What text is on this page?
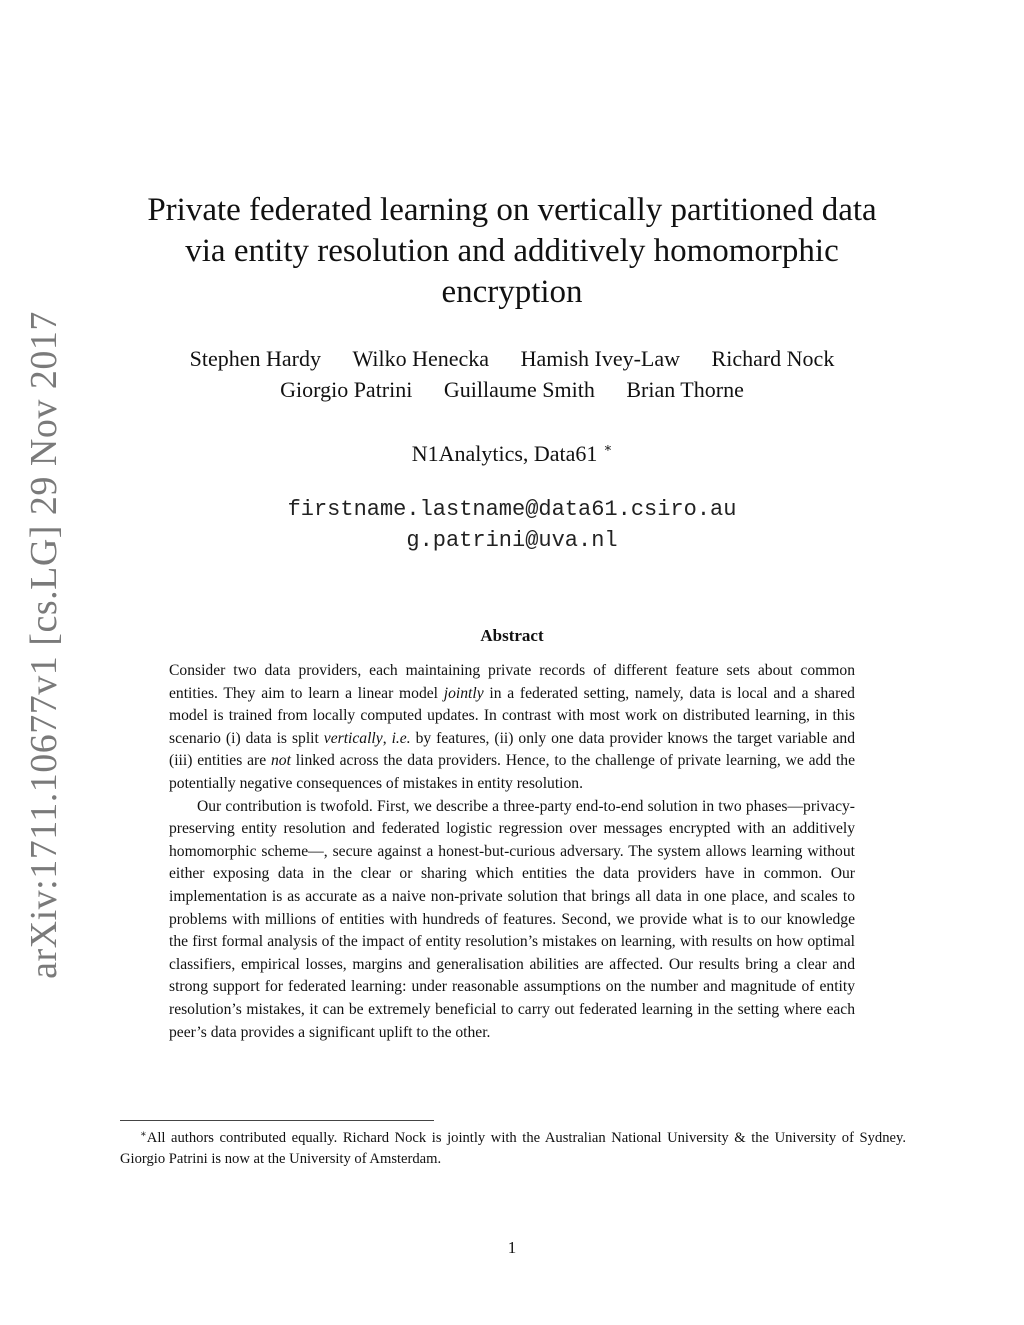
arXiv:1711.10677v1 [cs.LG] 29 Nov 2017
Private federated learning on vertically partitioned data
via entity resolution and additively homomorphic
encryption
Stephen Hardy Wilko Henecka Hamish Ivey-Law Richard Nock
Giorgio Patrini Guillaume Smith Brian Thorne
N1Analytics, Data61 ∗
firstname.lastname@data61.csiro.au
g.patrini@uva.nl
Abstract

Consider two data providers, each maintaining private records of different feature sets about common entities. They aim to learn a linear model jointly in a federated setting, namely, data is local and a shared model is trained from locally computed updates. In contrast with most work on distributed learning, in this scenario (i) data is split vertically, i.e. by features, (ii) only one data provider knows the target variable and (iii) entities are not linked across the data providers. Hence, to the challenge of private learning, we add the potentially negative consequences of mistakes in entity resolution.

Our contribution is twofold. First, we describe a three-party end-to-end solution in two phases—privacy-preserving entity resolution and federated logistic regression over messages encrypted with an additively homomorphic scheme—, secure against a honest-but-curious adversary. The system allows learning without either exposing data in the clear or sharing which entities the data providers have in common. Our implementation is as accurate as a naive non-private solution that brings all data in one place, and scales to problems with millions of entities with hundreds of features. Second, we provide what is to our knowledge the first formal analysis of the impact of entity resolution’s mistakes on learning, with results on how optimal classifiers, empirical losses, margins and generalisation abilities are affected. Our results bring a clear and strong support for federated learning: under reasonable assumptions on the number and magnitude of entity resolution’s mistakes, it can be extremely beneficial to carry out federated learning in the setting where each peer’s data provides a significant uplift to the other.

∗All authors contributed equally. Richard Nock is jointly with the Australian National University & the University of Sydney. Giorgio Patrini is now at the University of Amsterdam.

1
